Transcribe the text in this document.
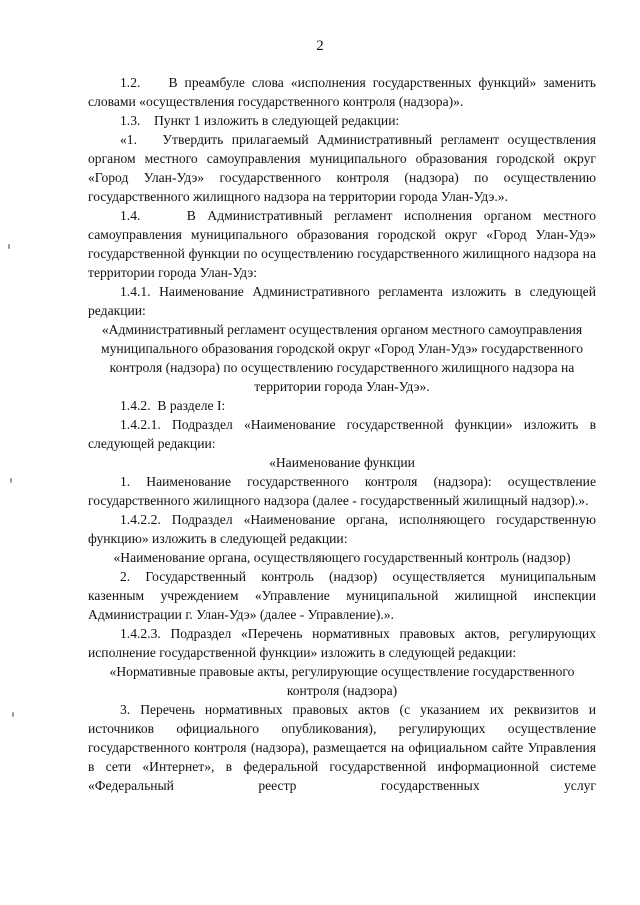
2

1.2.    В преамбуле слова «исполнения государственных функций» заменить словами «осуществления государственного контроля (надзора)».

1.3.    Пункт 1 изложить в следующей редакции:

«1.   Утвердить прилагаемый Административный регламент осуществления органом местного самоуправления муниципального образования городской округ «Город Улан-Удэ» государственного контроля (надзора) по осуществлению государственного жилищного надзора на территории города Улан-Удэ.».

1.4.    В Административный регламент исполнения органом местного самоуправления муниципального образования городской округ «Город Улан-Удэ» государственной функции по осуществлению государственного жилищного надзора на территории города Улан-Удэ:

1.4.1. Наименование Административного регламента изложить в следующей редакции:

«Административный регламент осуществления органом местного самоуправления муниципального образования городской округ «Город Улан-Удэ» государственного контроля (надзора) по осуществлению государственного жилищного надзора на территории города Улан-Удэ».

1.4.2.  В разделе I:

1.4.2.1. Подраздел «Наименование государственной функции» изложить в следующей редакции:

«Наименование функции

1. Наименование государственного контроля (надзора): осуществление государственного жилищного надзора (далее - государственный жилищный надзор).».

1.4.2.2. Подраздел «Наименование органа, исполняющего государственную функцию» изложить в следующей редакции:

«Наименование органа, осуществляющего государственный контроль (надзор)

2. Государственный контроль (надзор) осуществляется муниципальным казенным учреждением «Управление муниципальной жилищной инспекции Администрации г. Улан-Удэ» (далее - Управление).».

1.4.2.3. Подраздел «Перечень нормативных правовых актов, регулирующих исполнение государственной функции» изложить в следующей редакции:

«Нормативные правовые акты, регулирующие осуществление государственного контроля (надзора)

3. Перечень нормативных правовых актов (с указанием их реквизитов и источников официального опубликования), регулирующих осуществление государственного контроля (надзора), размещается на официальном сайте Управления в сети «Интернет», в федеральной государственной информационной системе «Федеральный реестр государственных услуг
